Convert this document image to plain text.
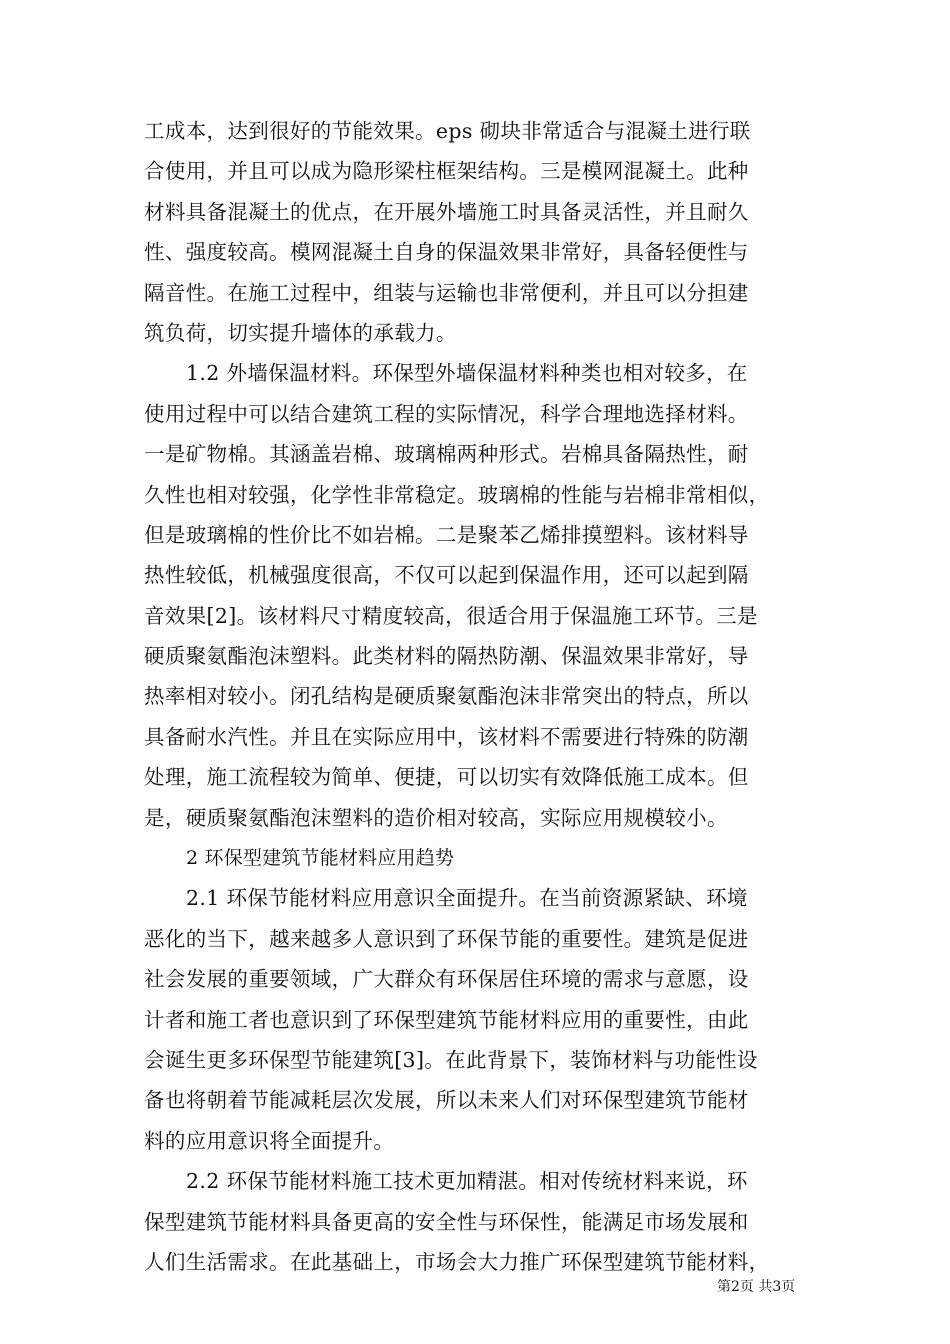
工成本，达到很好的节能效果。eps 砌块非常适合与混凝土进行联
合使用，并且可以成为隐形梁柱框架结构。三是模网混凝土。此种
材料具备混凝土的优点，在开展外墙施工时具备灵活性，并且耐久
性、强度较高。模网混凝土自身的保温效果非常好，具备轻便性与
隔音性。在施工过程中，组装与运输也非常便利，并且可以分担建
筑负荷，切实提升墙体的承载力。
1.2 外墙保温材料。环保型外墙保温材料种类也相对较多，在
使用过程中可以结合建筑工程的实际情况，科学合理地选择材料。
一是矿物棉。其涵盖岩棉、玻璃棉两种形式。岩棉具备隔热性，耐
久性也相对较强，化学性非常稳定。玻璃棉的性能与岩棉非常相似，
但是玻璃棉的性价比不如岩棉。二是聚苯乙烯排摸塑料。该材料导
热性较低，机械强度很高，不仅可以起到保温作用，还可以起到隔
音效果[2]。该材料尺寸精度较高，很适合用于保温施工环节。三是
硬质聚氨酯泡沫塑料。此类材料的隔热防潮、保温效果非常好，导
热率相对较小。闭孔结构是硬质聚氨酯泡沫非常突出的特点，所以
具备耐水汽性。并且在实际应用中，该材料不需要进行特殊的防潮
处理，施工流程较为简单、便捷，可以切实有效降低施工成本。但
是，硬质聚氨酯泡沫塑料的造价相对较高，实际应用规模较小。
2 环保型建筑节能材料应用趋势
2.1 环保节能材料应用意识全面提升。在当前资源紧缺、环境
恶化的当下，越来越多人意识到了环保节能的重要性。建筑是促进
社会发展的重要领域，广大群众有环保居住环境的需求与意愿，设
计者和施工者也意识到了环保型建筑节能材料应用的重要性，由此
会诞生更多环保型节能建筑[3]。在此背景下，装饰材料与功能性设
备也将朝着节能减耗层次发展，所以未来人们对环保型建筑节能材
料的应用意识将全面提升。
2.2 环保节能材料施工技术更加精湛。相对传统材料来说，环
保型建筑节能材料具备更高的安全性与环保性，能满足市场发展和
人们生活需求。在此基础上，市场会大力推广环保型建筑节能材料，
第2页 共3页
